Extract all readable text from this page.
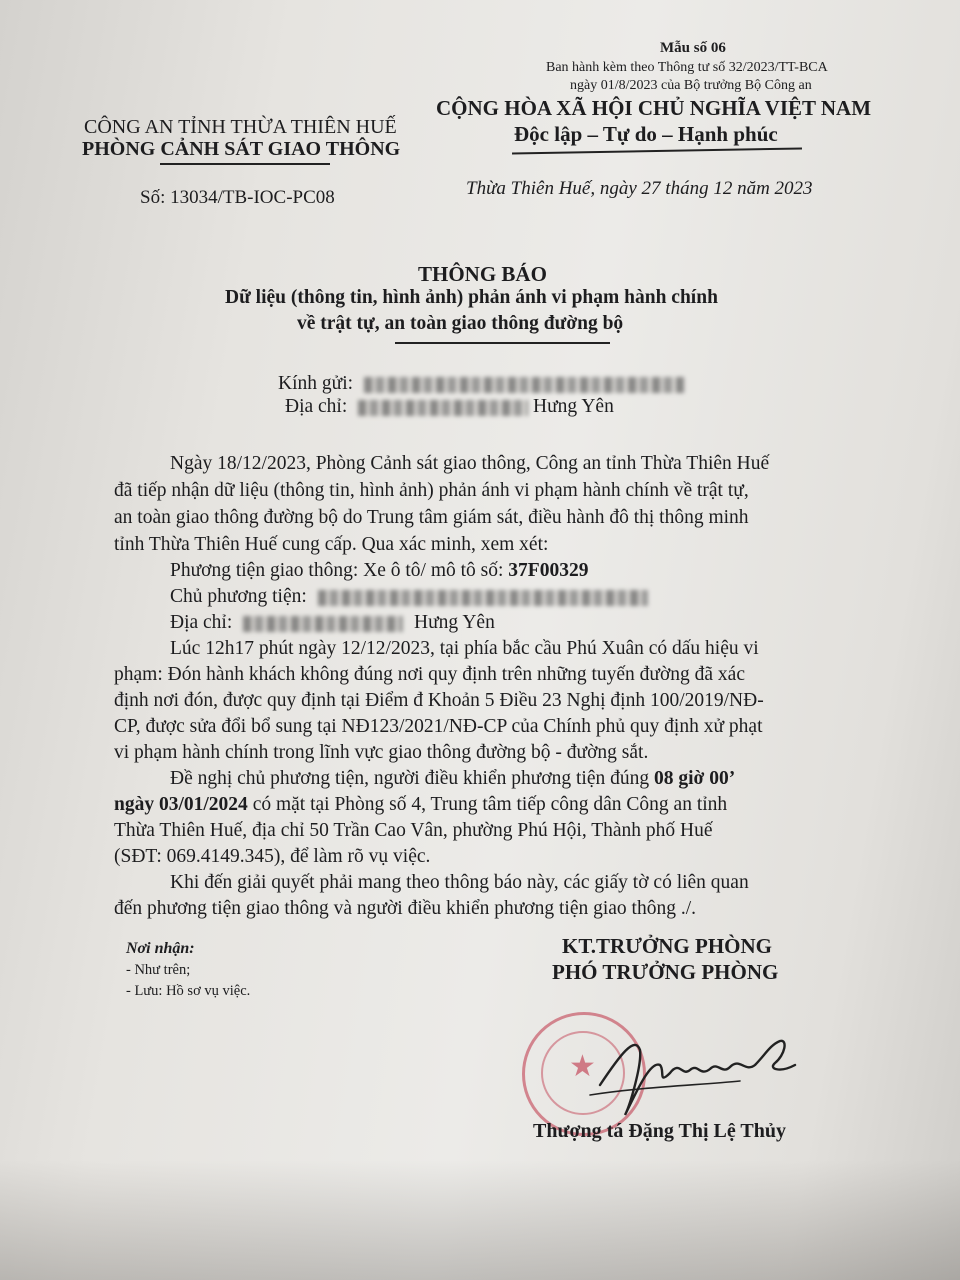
Mẫu số 06
Ban hành kèm theo Thông tư số 32/2023/TT-BCA
ngày 01/8/2023 của Bộ trưởng Bộ Công an
CÔNG AN TỈNH THỪA THIÊN HUẾ
PHÒNG CẢNH SÁT GIAO THÔNG
Số: 13034/TB-IOC-PC08
CỘNG HÒA XÃ HỘI CHỦ NGHĨA VIỆT NAM
Độc lập – Tự do – Hạnh phúc
Thừa Thiên Huế, ngày 27 tháng 12 năm 2023
THÔNG BÁO
Dữ liệu (thông tin, hình ảnh) phản ánh vi phạm hành chính
về trật tự, an toàn giao thông đường bộ
Kính gửi:
Địa chỉ:	Hưng Yên
Ngày 18/12/2023, Phòng Cảnh sát giao thông, Công an tỉnh Thừa Thiên Huế
đã tiếp nhận dữ liệu (thông tin, hình ảnh) phản ánh vi phạm hành chính về trật tự,
an toàn giao thông đường bộ do Trung tâm giám sát, điều hành đô thị thông minh
tỉnh Thừa Thiên Huế cung cấp. Qua xác minh, xem xét:
Phương tiện giao thông: Xe ô tô/ mô tô số: 37F00329
Chủ phương tiện:
Địa chỉ:	Hưng Yên
Lúc 12h17 phút ngày 12/12/2023, tại phía bắc cầu Phú Xuân có dấu hiệu vi
phạm: Đón hành khách không đúng nơi quy định trên những tuyến đường đã xác
định nơi đón, được quy định tại Điểm đ Khoản 5 Điều 23 Nghị định 100/2019/NĐ-
CP, được sửa đổi bổ sung tại NĐ123/2021/NĐ-CP của Chính phủ quy định xử phạt
vi phạm hành chính trong lĩnh vực giao thông đường bộ - đường sắt.
Đề nghị chủ phương tiện, người điều khiển phương tiện đúng 08 giờ 00’
ngày 03/01/2024 có mặt tại Phòng số 4, Trung tâm tiếp công dân Công an tỉnh
Thừa Thiên Huế, địa chỉ 50 Trần Cao Vân, phường Phú Hội, Thành phố Huế
(SĐT: 069.4149.345), để làm rõ vụ việc.
Khi đến giải quyết phải mang theo thông báo này, các giấy tờ có liên quan
đến phương tiện giao thông và người điều khiển phương tiện giao thông ./.
Nơi nhận:
- Như trên;
- Lưu: Hồ sơ vụ việc.
KT.TRƯỞNG PHÒNG
PHÓ TRƯỞNG PHÒNG
★
Thượng tá Đặng Thị Lệ Thủy
